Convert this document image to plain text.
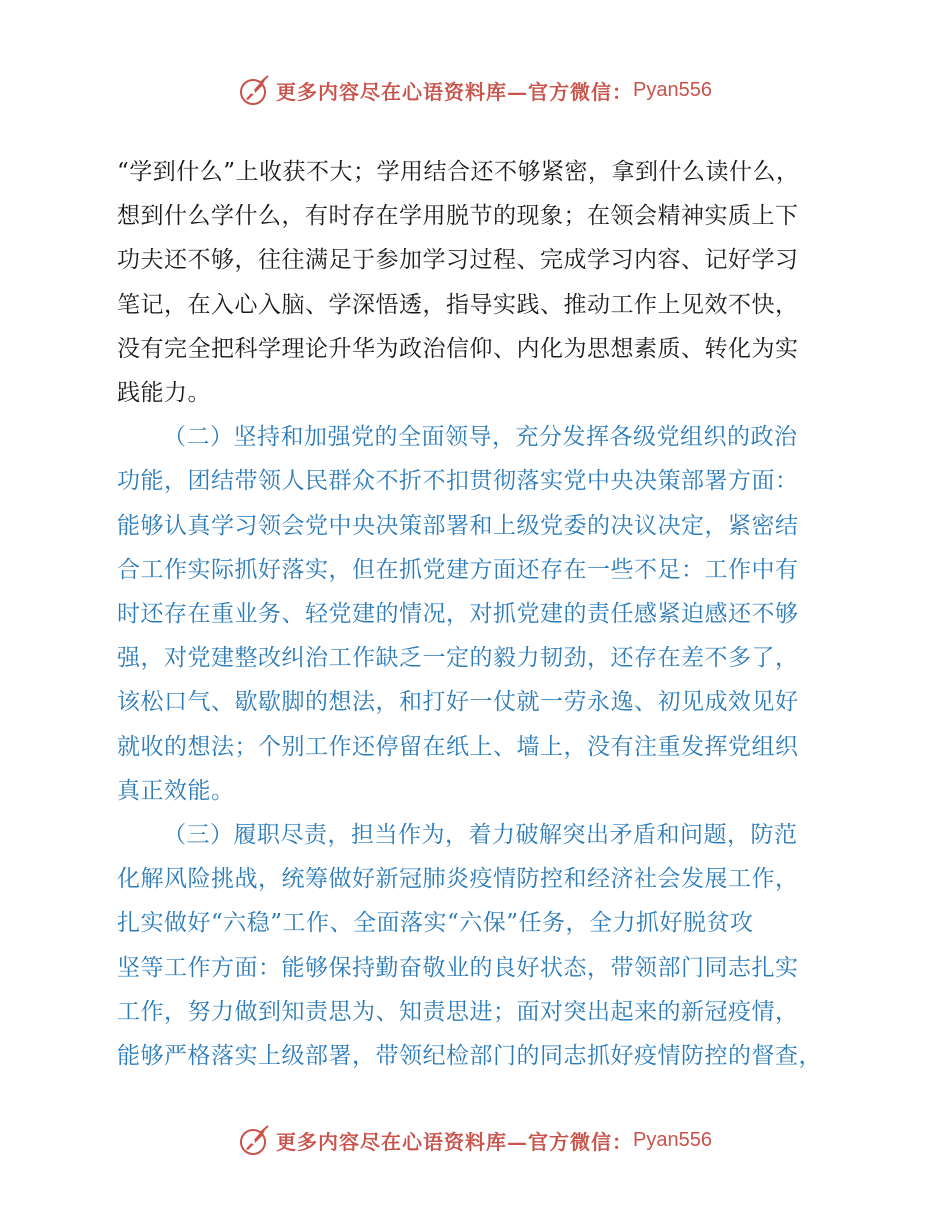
更多内容尽在心语资料库—官方微信： Pyan556
“学到什么”上收获不大；学用结合还不够紧密，拿到什么读什么，
想到什么学什么，有时存在学用脱节的现象；在领会精神实质上下
功夫还不够，往往满足于参加学习过程、完成学习内容、记好学习
笔记，在入心入脑、学深悟透，指导实践、推动工作上见效不快，
没有完全把科学理论升华为政治信仰、内化为思想素质、转化为实
践能力。
（二）坚持和加强党的全面领导，充分发挥各级党组织的政治
功能，团结带领人民群众不折不扣贯彻落实党中央决策部署方面：
能够认真学习领会党中央决策部署和上级党委的决议决定，紧密结
合工作实际抓好落实，但在抓党建方面还存在一些不足：工作中有
时还存在重业务、轻党建的情况，对抓党建的责任感紧迫感还不够
强，对党建整改纠治工作缺乏一定的毅力韧劲，还存在差不多了，
该松口气、歇歇脚的想法，和打好一仗就一劳永逸、初见成效见好
就收的想法；个别工作还停留在纸上、墙上，没有注重发挥党组织
真正效能。
（三）履职尽责，担当作为，着力破解突出矛盾和问题，防范
化解风险挑战，统筹做好新冠肺炎疫情防控和经济社会发展工作，
扎实做好“六稳”工作、全面落实“六保”任务，全力抓好脱贫攻
坚等工作方面：能够保持勤奋敬业的良好状态，带领部门同志扎实
工作，努力做到知责思为、知责思进；面对突出起来的新冠疫情，
能够严格落实上级部署，带领纪检部门的同志抓好疫情防控的督查，
更多内容尽在心语资料库—官方微信： Pyan556
